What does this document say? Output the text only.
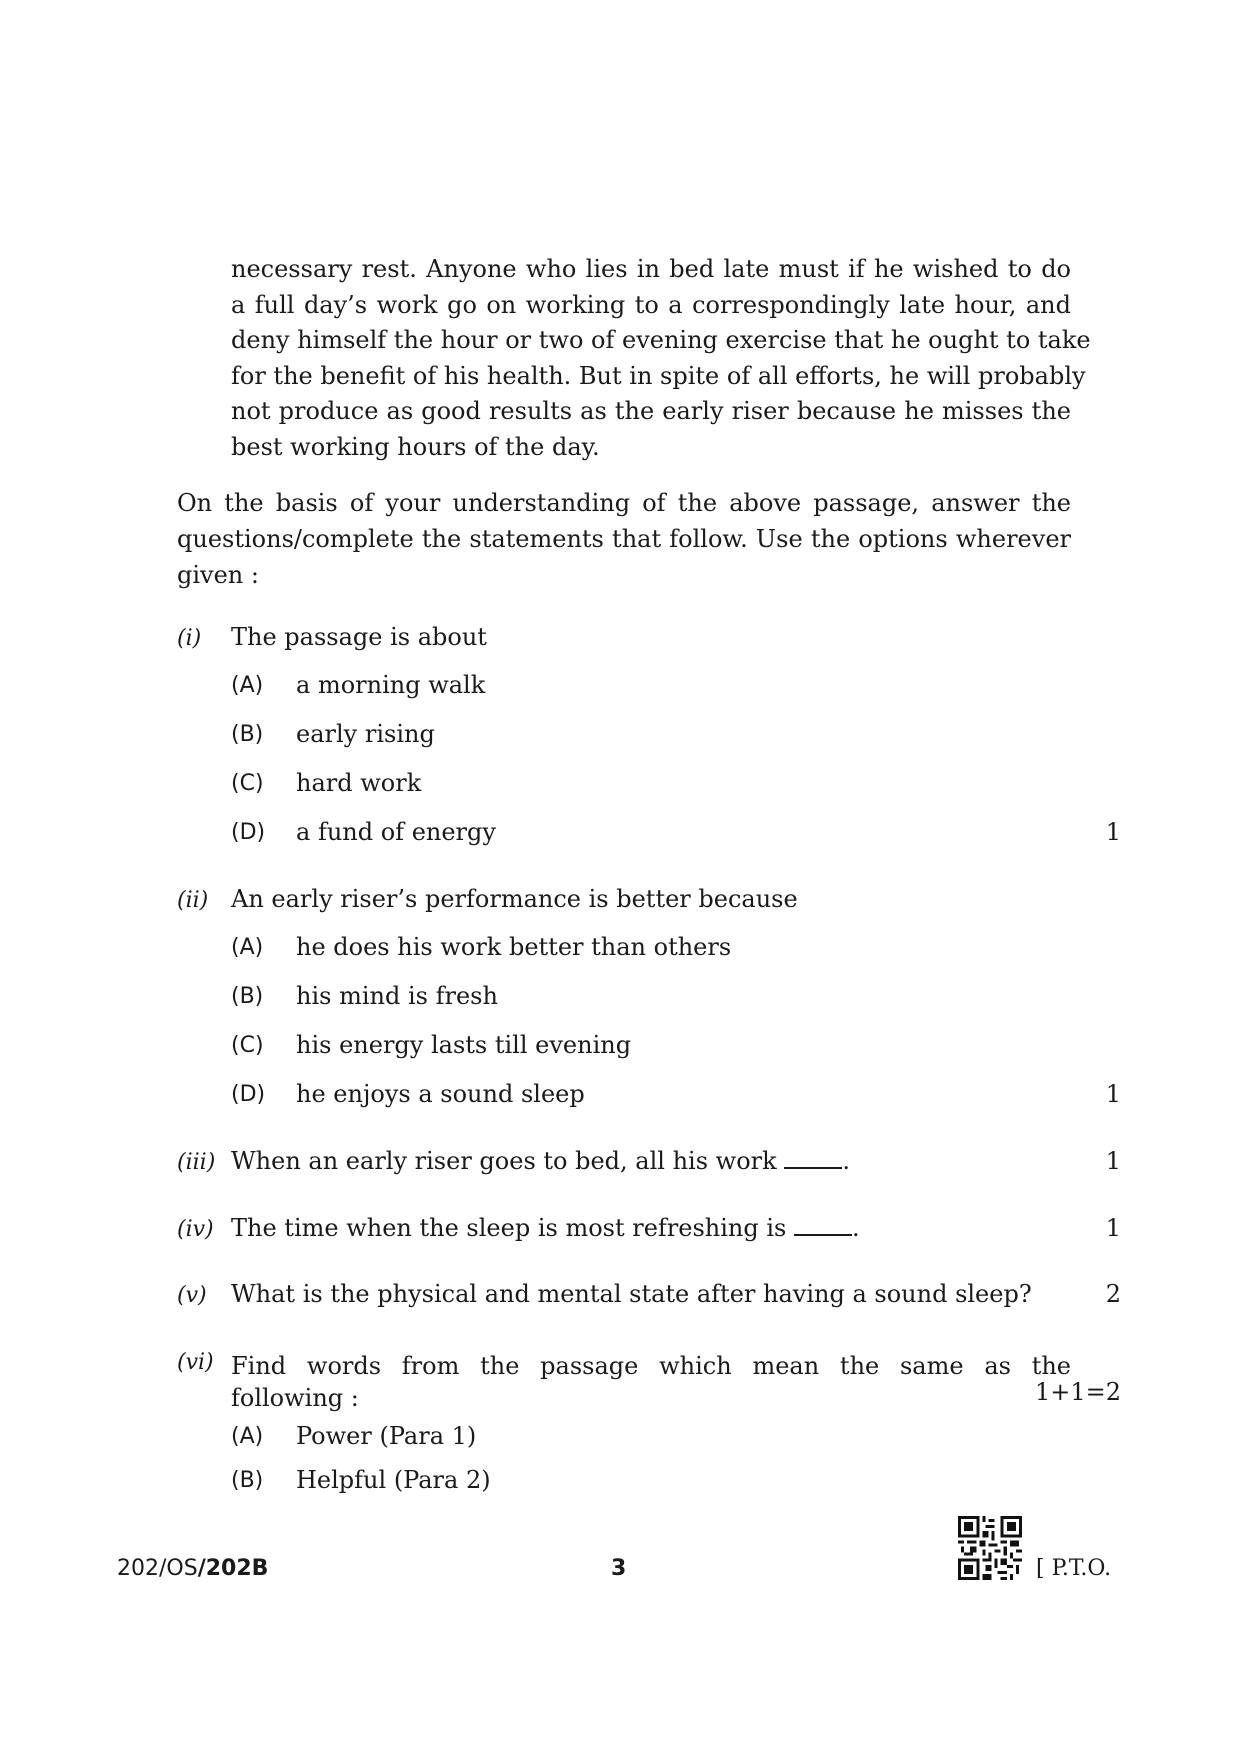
necessary rest. Anyone who lies in bed late must if he wished to do
a full day’s work go on working to a correspondingly late hour, and
deny himself the hour or two of evening exercise that he ought to take
for the benefit of his health. But in spite of all efforts, he will probably
not produce as good results as the early riser because he misses the
best working hours of the day.
On the basis of your understanding of the above passage, answer the
questions/complete the statements that follow. Use the options wherever
given :
(i) The passage is about
(A) a morning walk
(B) early rising
(C) hard work
(D) a fund of energy	1
(ii) An early riser’s performance is better because
(A) he does his work better than others
(B) his mind is fresh
(C) his energy lasts till evening
(D) he enjoys a sound sleep	1
(iii) When an early riser goes to bed, all his work	.	1
(iv) The time when the sleep is most refreshing is	.	1
(v) What is the physical and mental state after having a sound sleep?	2
(vi) Find words from the passage which mean the same as the
following :	1+1=2
(A) Power (Para 1)
(B) Helpful (Para 2)
202/OS/202B	3	[ P.T.O.
